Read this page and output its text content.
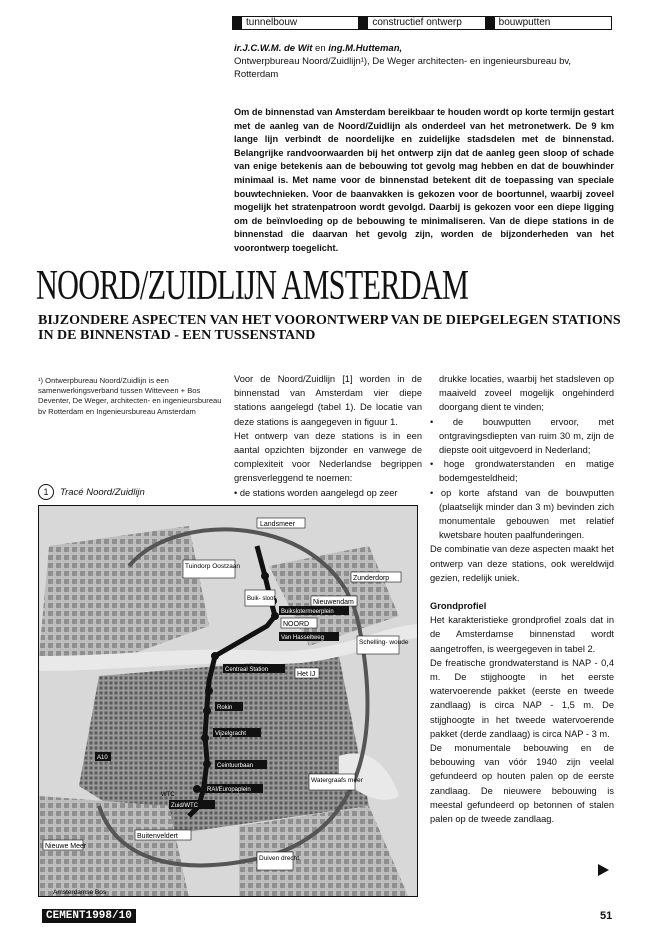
tunnelbouw	constructief ontwerp	bouwputten
ir.J.C.W.M. de Wit en ing.M.Hutteman,
Ontwerpbureau Noord/Zuidlijn¹), De Weger architecten- en ingenieursbureau bv, Rotterdam
Om de binnenstad van Amsterdam bereikbaar te houden wordt op korte termijn gestart met de aanleg van de Noord/Zuidlijn als onderdeel van het metronetwerk. De 9 km lange lijn verbindt de noordelijke en zuidelijke stadsdelen met de binnenstad. Belangrijke randvoorwaarden bij het ontwerp zijn dat de aanleg geen sloop of schade van enige betekenis aan de bebouwing tot gevolg mag hebben en dat de bouwhinder minimaal is. Met name voor de binnenstad betekent dit de toepassing van speciale bouwtechnieken. Voor de baanvakken is gekozen voor de boortunnel, waarbij zoveel mogelijk het stratenpatroon wordt gevolgd. Daarbij is gekozen voor een diepe ligging om de beïnvloeding op de bebouwing te minimaliseren. Van de diepe stations in de binnenstad die daarvan het gevolg zijn, worden de bijzonderheden van het voorontwerp toegelicht.
NOORD/ZUIDLIJN AMSTERDAM
BIJZONDERE ASPECTEN VAN HET VOORONTWERP VAN DE DIEPGELEGEN STATIONS IN DE BINNENSTAD - EEN TUSSENSTAND
¹) Ontwerpbureau Noord/Zuidlijn is een samenwerkingsverband tussen Witteveen + Bos Deventer, De Weger, architecten- en ingenieursbureau bv Rotterdam en Ingenieursbureau Amsterdam
1	Tracé Noord/Zuidlijn

Voor de Noord/Zuidlijn [1] worden in de binnenstad van Amsterdam vier diepe stations aangelegd (tabel 1). De locatie van deze stations is aangegeven in figuur 1.

Het ontwerp van deze stations is in een aantal opzichten bijzonder en vanwege de complexiteit voor Nederlandse begrippen grensverleggend te noemen:

• de stations worden aangelegd op zeer

drukke locaties, waarbij het stadsleven op maaiveld zoveel mogelijk ongehinderd doorgang dient te vinden;

• de bouwputten ervoor, met ontgravingsdiepten van ruim 30 m, zijn de diepste ooit uitgevoerd in Nederland;

• hoge grondwaterstanden en matige bodemgesteldheid;

• op korte afstand van de bouwputten (plaatselijk minder dan 3 m) bevinden zich monumentale gebouwen met relatief kwetsbare houten paalfunderingen.

De combinatie van deze aspecten maakt het ontwerp van deze stations, ook wereldwijd gezien, redelijk uniek.

Grondprofiel

Het karakteristieke grondprofiel zoals dat in de Amsterdamse binnenstad wordt aangetroffen, is weergegeven in tabel 2.

De freatische grondwaterstand is NAP - 0,4 m. De stijghoogte in het eerste watervoerende pakket (eerste en tweede zandlaag) is circa NAP - 1,5 m. De stijghoogte in het tweede watervoerende pakket (derde zandlaag) is circa NAP - 3 m.

De monumentale bebouwing en de bebouwing van vóór 1940 zijn veelal gefundeerd op houten palen op de eerste zandlaag. De nieuwere bebouwing is meestal gefundeerd op betonnen of stalen palen op de tweede zandlaag.

Landsmeer
Tuindorp Oostzaan
Zunderdorp
Buik- sloot	Nieuwendam
Buikslotermeerplein
NOORD
Van Hasseltweg
Schelling- woude
Centraal Station
Het IJ
Rokin
Vijzelgracht
Ceintuurbaan
RAI/Europaplein
Zuid/WTC
WTC
Watergraafs meer
Nieuwe Meer
Buitenveldert
Duiven drecht
A10
Amsterdamse Bos
CEMENT1998/10	51
